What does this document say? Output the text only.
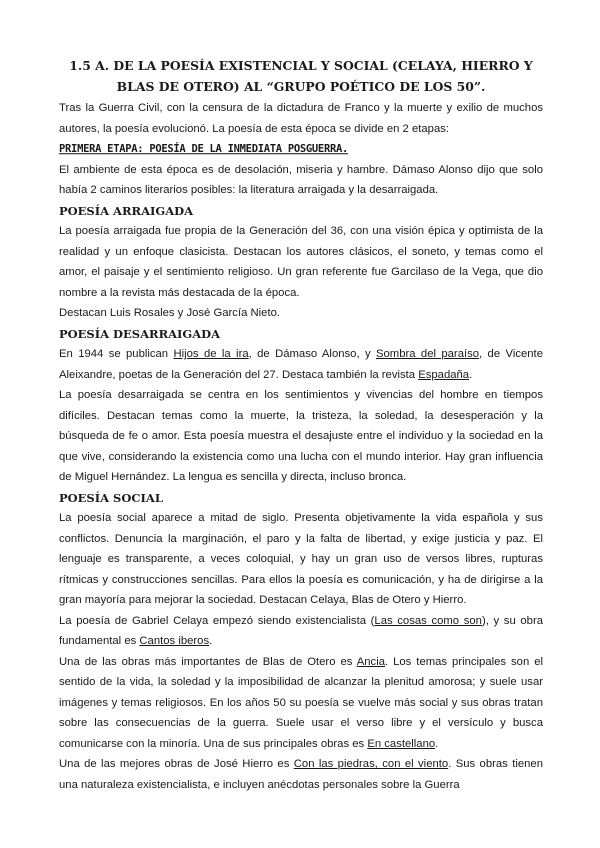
1.5 A. DE LA POESÍA EXISTENCIAL Y SOCIAL (CELAYA, HIERRO Y BLAS DE OTERO) AL “GRUPO POÉTICO DE LOS 50”.

Tras la Guerra Civil, con la censura de la dictadura de Franco y la muerte y exilio de muchos autores, la poesía evolucionó. La poesía de esta época se divide en 2 etapas:

PRIMERA ETAPA: POESÍA DE LA INMEDIATA POSGUERRA.

El ambiente de esta época es de desolación, miseria y hambre. Dámaso Alonso dijo que solo había 2 caminos literarios posibles: la literatura arraigada y la desarraigada.

POESÍA ARRAIGADA

La poesía arraigada fue propia de la Generación del 36, con una visión épica y optimista de la realidad y un enfoque clasicista. Destacan los autores clásicos, el soneto, y temas como el amor, el paisaje y el sentimiento religioso. Un gran referente fue Garcilaso de la Vega, que dio nombre a la revista más destacada de la época.

Destacan Luis Rosales y José García Nieto.

POESÍA DESARRAIGADA

En 1944 se publican Hijos de la ira, de Dámaso Alonso, y Sombra del paraíso, de Vicente Aleixandre, poetas de la Generación del 27. Destaca también la revista Espadaña.

La poesía desarraigada se centra en los sentimientos y vivencias del hombre en tiempos difíciles. Destacan temas como la muerte, la tristeza, la soledad, la desesperación y la búsqueda de fe o amor. Esta poesía muestra el desajuste entre el individuo y la sociedad en la que vive, considerando la existencia como una lucha con el mundo interior. Hay gran influencia de Miguel Hernández. La lengua es sencilla y directa, incluso bronca.

POESÍA SOCIAL

La poesía social aparece a mitad de siglo. Presenta objetivamente la vida española y sus conflictos. Denuncia la marginación, el paro y la falta de libertad, y exige justicia y paz. El lenguaje es transparente, a veces coloquial, y hay un gran uso de versos libres, rupturas rítmicas y construcciones sencillas. Para ellos la poesía es comunicación, y ha de dirigirse a la gran mayoría para mejorar la sociedad. Destacan Celaya, Blas de Otero y Hierro.

La poesía de Gabriel Celaya empezó siendo existencialista (Las cosas como son), y su obra fundamental es Cantos iberos.

Una de las obras más importantes de Blas de Otero es Ancia. Los temas principales son el sentido de la vida, la soledad y la imposibilidad de alcanzar la plenitud amorosa; y suele usar imágenes y temas religiosos. En los años 50 su poesía se vuelve más social y sus obras tratan sobre las consecuencias de la guerra. Suele usar el verso libre y el versículo y busca comunicarse con la minoría. Una de sus principales obras es En castellano.

Una de las mejores obras de José Hierro es Con las piedras, con el viento. Sus obras tienen una naturaleza existencialista, e incluyen anécdotas personales sobre la Guerra
